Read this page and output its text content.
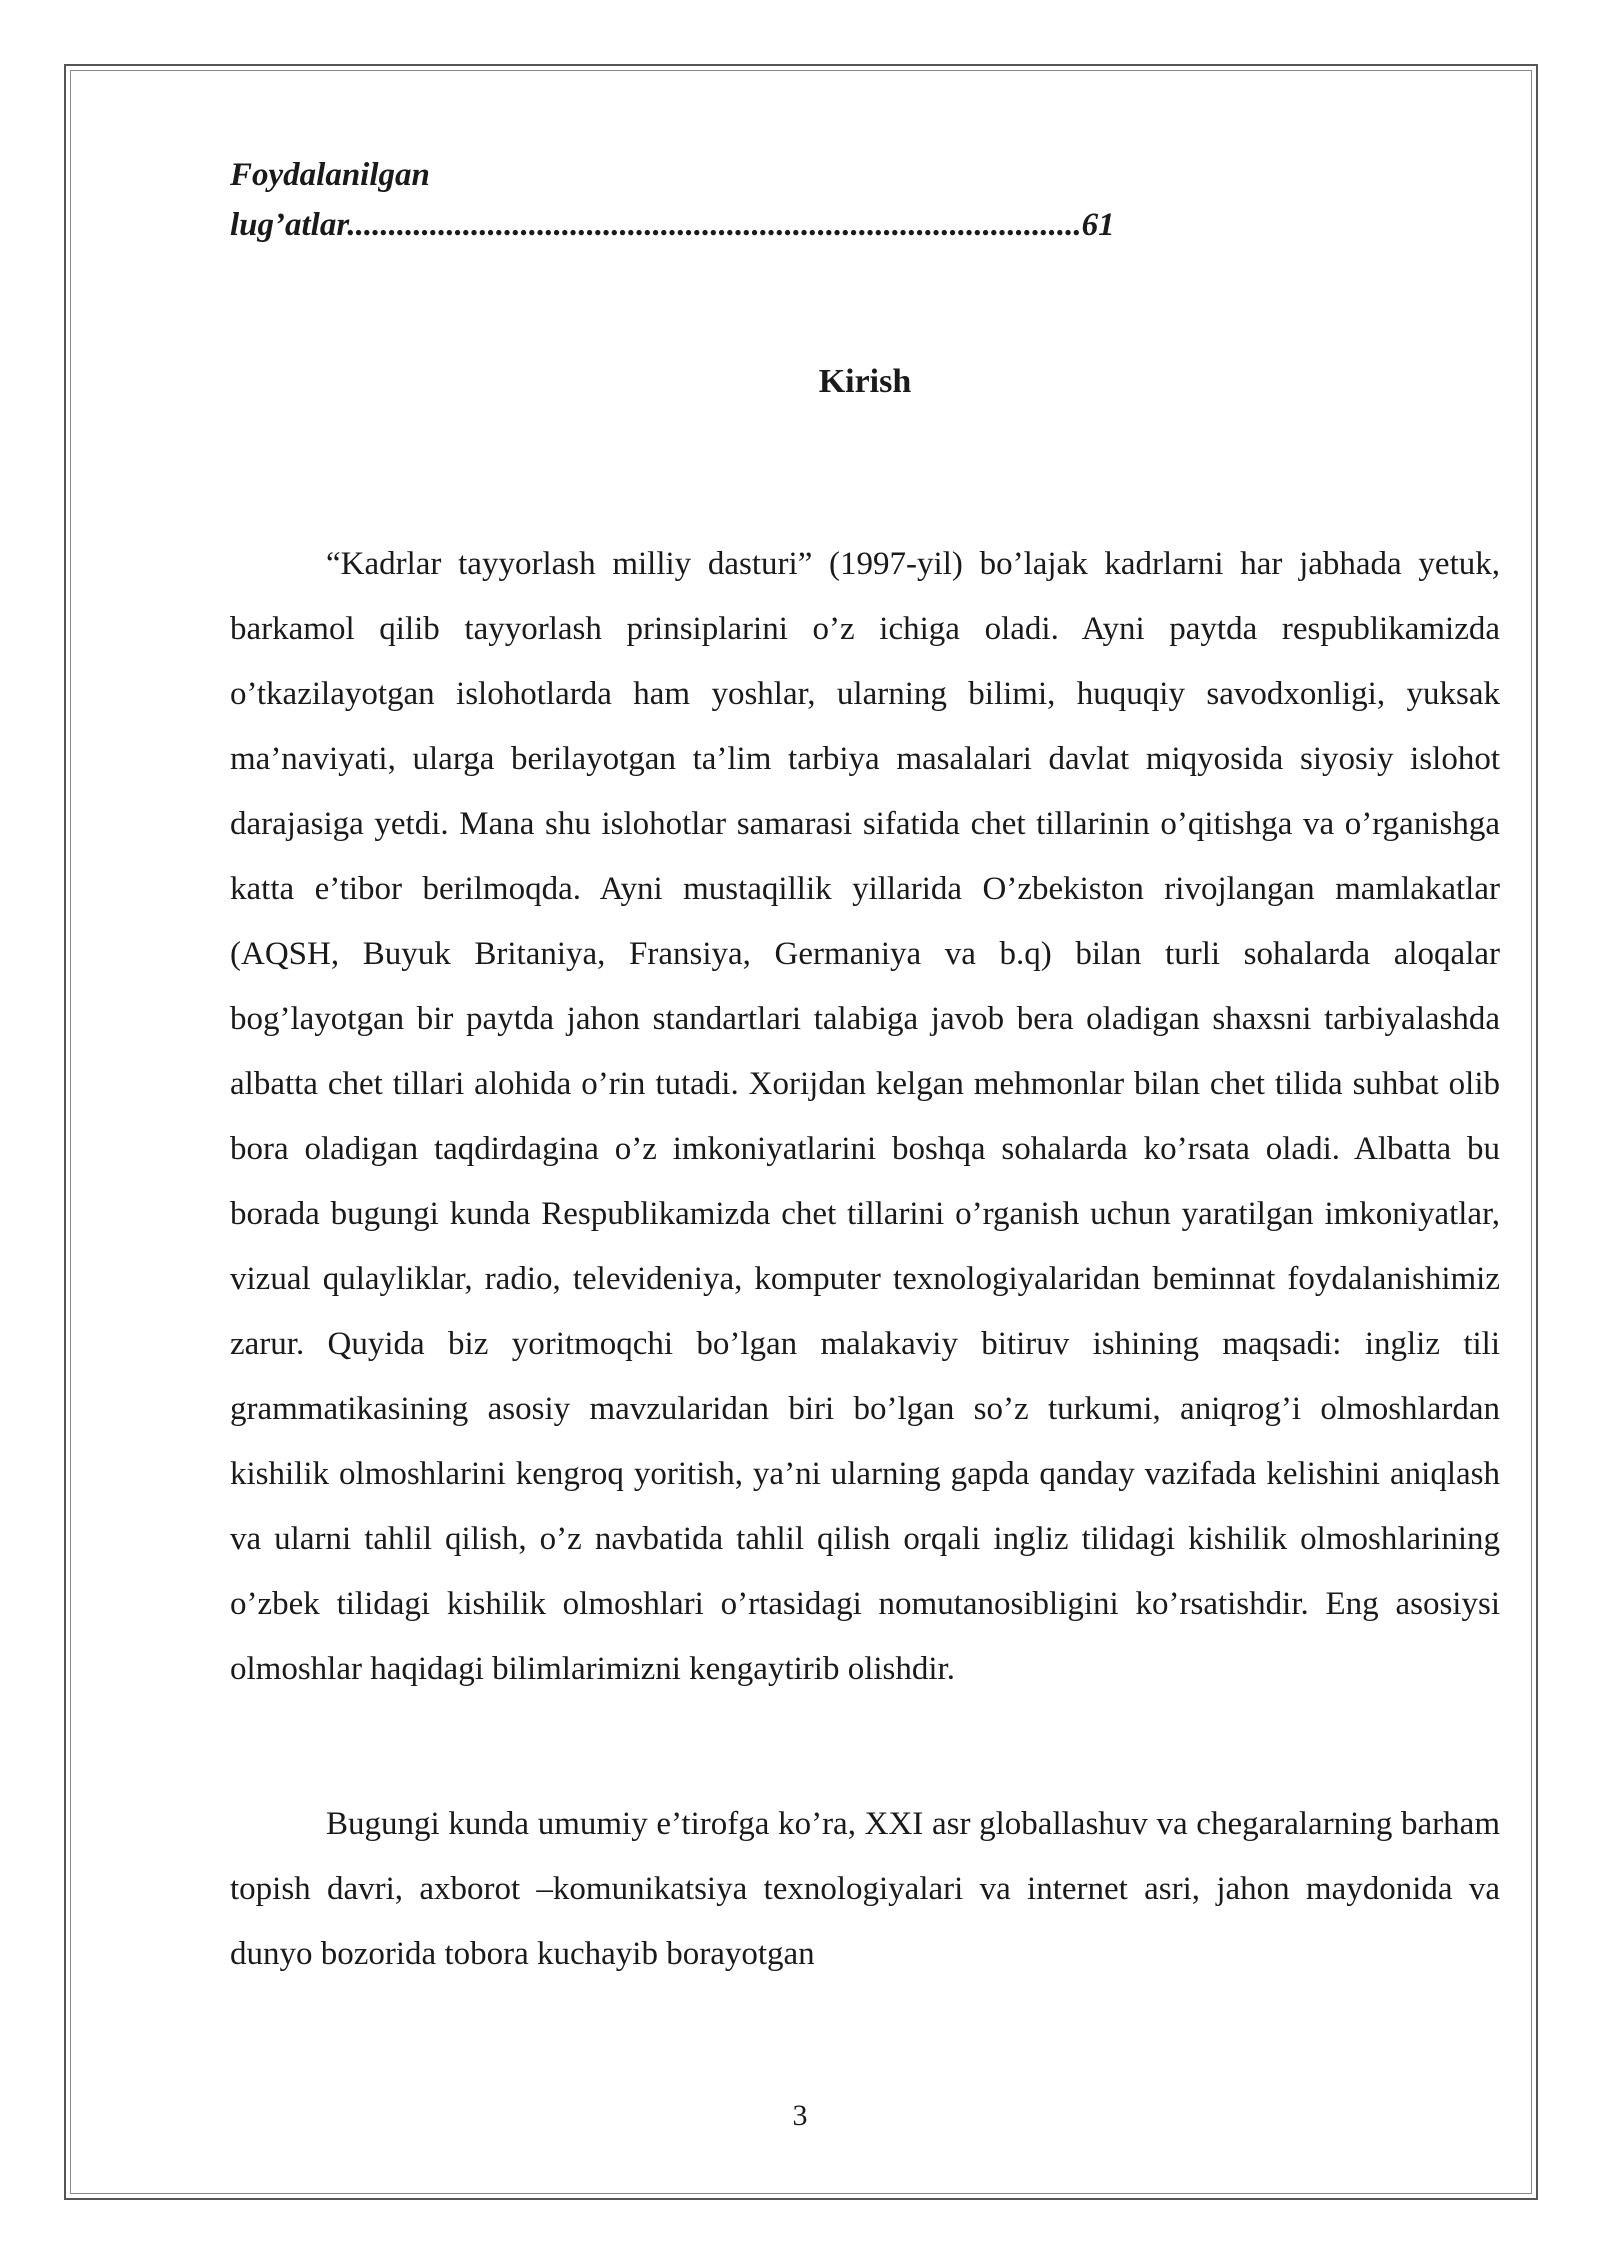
Foydalanilgan
lug’atlar.........................................................................................61

Kirish

“Kadrlar tayyorlash milliy dasturi” (1997-yil) bo’lajak kadrlarni har jabhada yetuk, barkamol qilib tayyorlash prinsiplarini o’z ichiga oladi. Ayni paytda respublikamizda o’tkazilayotgan islohotlarda ham yoshlar, ularning bilimi, huquqiy savodxonligi, yuksak ma’naviyati, ularga berilayotgan ta’lim tarbiya masalalari davlat miqyosida siyosiy islohot darajasiga yetdi. Mana shu islohotlar samarasi sifatida chet tillarinin o’qitishga va o’rganishga katta e’tibor berilmoqda. Ayni mustaqillik yillarida O’zbekiston rivojlangan mamlakatlar (AQSH, Buyuk Britaniya, Fransiya, Germaniya va b.q) bilan turli sohalarda aloqalar bog’layotgan bir paytda jahon standartlari talabiga javob bera oladigan shaxsni tarbiyalashda albatta chet tillari alohida o’rin tutadi. Xorijdan kelgan mehmonlar bilan chet tilida suhbat olib bora oladigan taqdirdagina o’z imkoniyatlarini boshqa sohalarda ko’rsata oladi. Albatta bu borada bugungi kunda Respublikamizda chet tillarini o’rganish uchun yaratilgan imkoniyatlar, vizual qulayliklar, radio, televideniya, komputer texnologiyalaridan beminnat foydalanishimiz zarur. Quyida biz yoritmoqchi bo’lgan malakaviy bitiruv ishining maqsadi: ingliz tili grammatikasining asosiy mavzularidan biri bo’lgan so’z turkumi, aniqrog’i olmoshlardan kishilik olmoshlarini kengroq yoritish, ya’ni ularning gapda qanday vazifada kelishini aniqlash va ularni tahlil qilish, o’z navbatida tahlil qilish orqali ingliz tilidagi kishilik olmoshlarining o’zbek tilidagi kishilik olmoshlari o’rtasidagi nomutanosibligini ko’rsatishdir. Eng asosiysi olmoshlar haqidagi bilimlarimizni kengaytirib olishdir.

Bugungi kunda umumiy e’tirofga ko’ra, XXI asr globallashuv va chegaralarning barham topish davri, axborot –komunikatsiya texnologiyalari va internet asri, jahon maydonida va dunyo bozorida tobora kuchayib borayotgan

3
